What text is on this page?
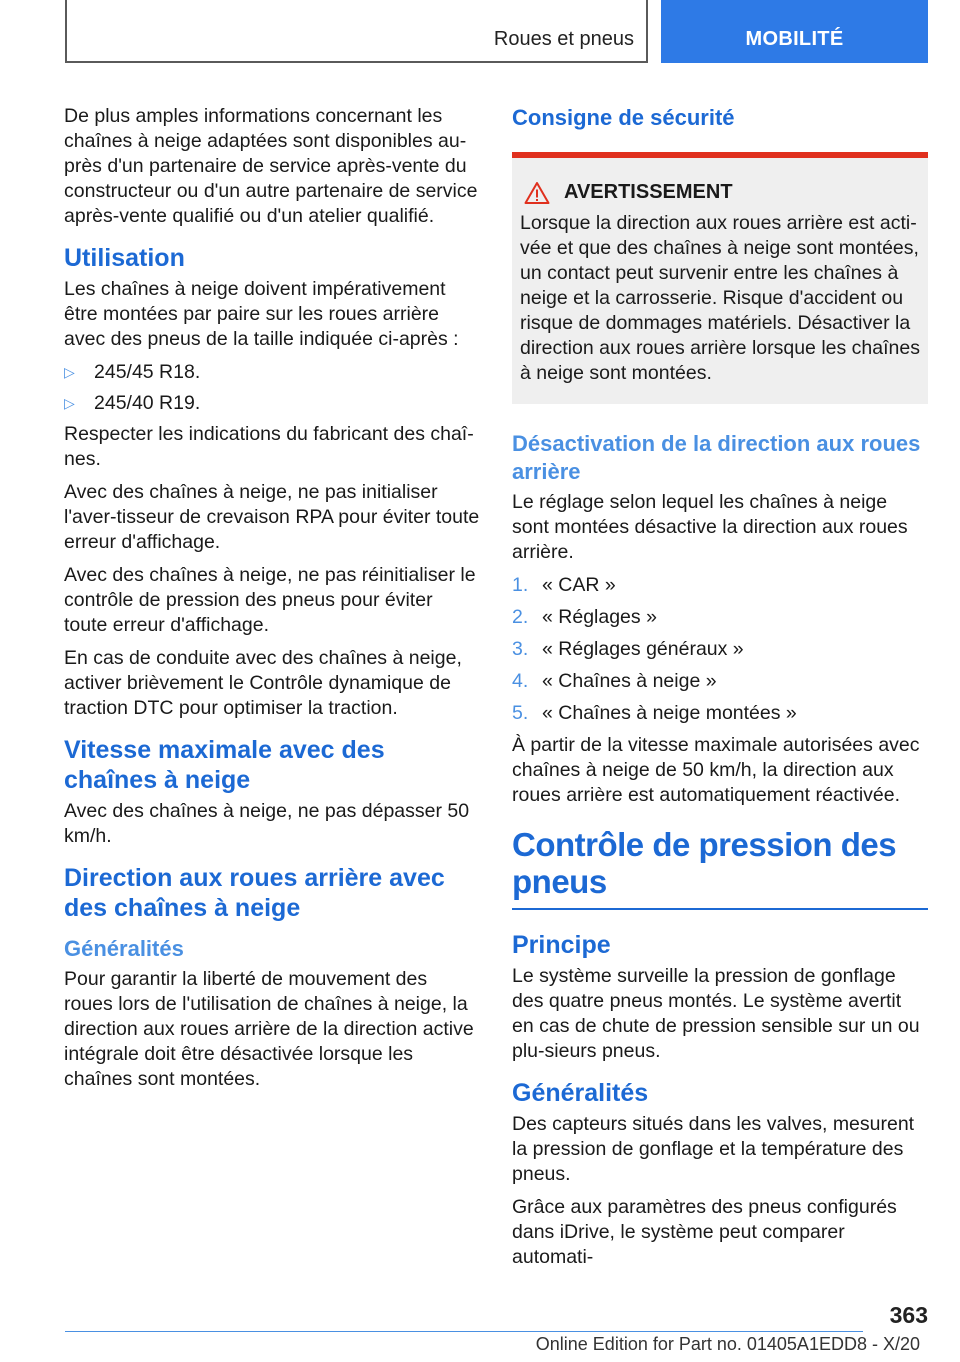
Roues et pneus	MOBILITÉ

De plus amples informations concernant les chaînes à neige adaptées sont disponibles au-près d'un partenaire de service après-vente du constructeur ou d'un autre partenaire de service après-vente qualifié ou d'un atelier qualifié.

Utilisation

Les chaînes à neige doivent impérativement être montées par paire sur les roues arrière avec des pneus de la taille indiquée ci-après :

▷ 245/45 R18.
▷ 245/40 R19.

Respecter les indications du fabricant des chaî-nes.

Avec des chaînes à neige, ne pas initialiser l'aver-tisseur de crevaison RPA pour éviter toute erreur d'affichage.

Avec des chaînes à neige, ne pas réinitialiser le contrôle de pression des pneus pour éviter toute erreur d'affichage.

En cas de conduite avec des chaînes à neige, activer brièvement le Contrôle dynamique de traction DTC pour optimiser la traction.

Vitesse maximale avec des chaînes à neige

Avec des chaînes à neige, ne pas dépasser 50 km/h.

Direction aux roues arrière avec des chaînes à neige
Généralités

Pour garantir la liberté de mouvement des roues lors de l'utilisation de chaînes à neige, la direction aux roues arrière de la direction active intégrale doit être désactivée lorsque les chaînes sont montées.

Consigne de sécurité
AVERTISSEMENT
Lorsque la direction aux roues arrière est acti-vée et que des chaînes à neige sont montées, un contact peut survenir entre les chaînes à neige et la carrosserie. Risque d'accident ou risque de dommages matériels. Désactiver la direction aux roues arrière lorsque les chaînes à neige sont montées.
Désactivation de la direction aux roues arrière

Le réglage selon lequel les chaînes à neige sont montées désactive la direction aux roues arrière.

1. « CAR »
2. « Réglages »
3. « Réglages généraux »
4. « Chaînes à neige »
5. « Chaînes à neige montées »

À partir de la vitesse maximale autorisées avec chaînes à neige de 50 km/h, la direction aux roues arrière est automatiquement réactivée.

Contrôle de pression des pneus
Principe

Le système surveille la pression de gonflage des quatre pneus montés. Le système avertit en cas de chute de pression sensible sur un ou plu-sieurs pneus.

Généralités

Des capteurs situés dans les valves, mesurent la pression de gonflage et la température des pneus.

Grâce aux paramètres des pneus configurés dans iDrive, le système peut comparer automati-

363
Online Edition for Part no. 01405A1EDD8 - X/20
